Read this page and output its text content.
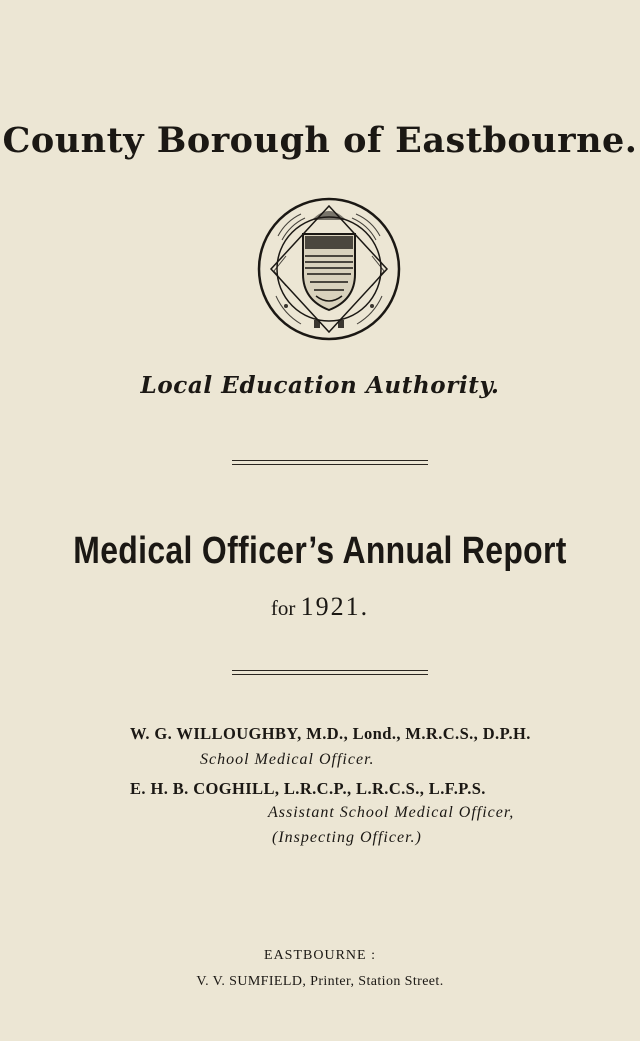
County Borough of Eastbourne.
Local Education Authority.
Medical Officer’s Annual Report
for 1921.
W. G. WILLOUGHBY, M.D., Lond., M.R.C.S., D.P.H.
School Medical Officer.
E. H. B. COGHILL, L.R.C.P., L.R.C.S., L.F.P.S.
Assistant School Medical Officer,
(Inspecting Officer.)
EASTBOURNE :
V. V. SUMFIELD, Printer, Station Street.
